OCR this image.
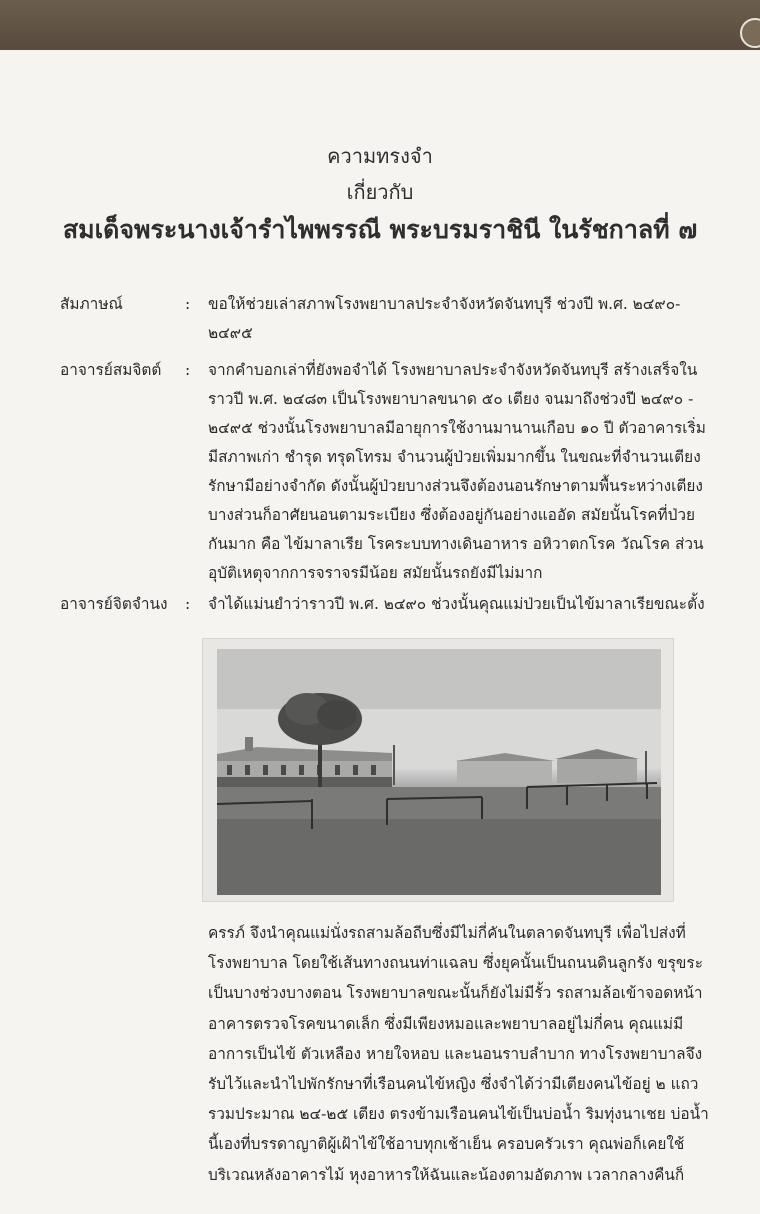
ความทรงจำ
เกี่ยวกับ
สมเด็จพระนางเจ้ารำไพพรรณี พระบรมราชินี ในรัชกาลที่ ๗
สัมภาษณ์	: ขอให้ช่วยเล่าสภาพโรงพยาบาลประจำจังหวัดจันทบุรี ช่วงปี พ.ศ. ๒๔๙๐-
๒๔๙๕
อาจารย์สมจิตต์	: จากคำบอกเล่าที่ยังพอจำได้ โรงพยาบาลประจำจังหวัดจันทบุรี สร้างเสร็จใน
ราวปี พ.ศ. ๒๔๘๓ เป็นโรงพยาบาลขนาด ๕๐ เตียง จนมาถึงช่วงปี ๒๔๙๐ -
๒๔๙๕ ช่วงนั้นโรงพยาบาลมีอายุการใช้งานมานานเกือบ ๑๐ ปี ตัวอาคารเริ่ม
มีสภาพเก่า ชำรุด ทรุดโทรม จำนวนผู้ป่วยเพิ่มมากขึ้น ในขณะที่จำนวนเตียง
รักษามีอย่างจำกัด ดังนั้นผู้ป่วยบางส่วนจึงต้องนอนรักษาตามพื้นระหว่างเตียง
บางส่วนก็อาศัยนอนตามระเบียง ซึ่งต้องอยู่กันอย่างแออัด สมัยนั้นโรคที่ป่วย
กันมาก คือ ไข้มาลาเรีย โรคระบบทางเดินอาหาร อหิวาตกโรค วัณโรค ส่วน
อุบัติเหตุจากการจราจรมีน้อย สมัยนั้นรถยังมีไม่มาก
อาจารย์จิตจำนง	: จำได้แม่นยำว่าราวปี พ.ศ. ๒๔๙๐ ช่วงนั้นคุณแม่ป่วยเป็นไข้มาลาเรียขณะตั้ง
ครรภ์ จึงนำคุณแม่นั่งรถสามล้อถีบซึ่งมีไม่กี่คันในตลาดจันทบุรี เพื่อไปส่งที่
โรงพยาบาล โดยใช้เส้นทางถนนท่าแฉลบ ซึ่งยุคนั้นเป็นถนนดินลูกรัง ขรุขระ
เป็นบางช่วงบางตอน โรงพยาบาลขณะนั้นก็ยังไม่มีรั้ว รถสามล้อเข้าจอดหน้า
อาคารตรวจโรคขนาดเล็ก ซึ่งมีเพียงหมอและพยาบาลอยู่ไม่กี่คน คุณแม่มี
อาการเป็นไข้ ตัวเหลือง หายใจหอบ และนอนราบลำบาก ทางโรงพยาบาลจึง
รับไว้และนำไปพักรักษาที่เรือนคนไข้หญิง ซึ่งจำได้ว่ามีเตียงคนไข้อยู่ ๒ แถว
รวมประมาณ ๒๔-๒๕ เตียง ตรงข้ามเรือนคนไข้เป็นบ่อน้ำ ริมทุ่งนาเชย บ่อน้ำ
นี้เองที่บรรดาญาติผู้เฝ้าไข้ใช้อาบทุกเช้าเย็น ครอบครัวเรา คุณพ่อก็เคยใช้
บริเวณหลังอาคารไม้ หุงอาหารให้ฉันและน้องตามอัตภาพ เวลากลางคืนก็
